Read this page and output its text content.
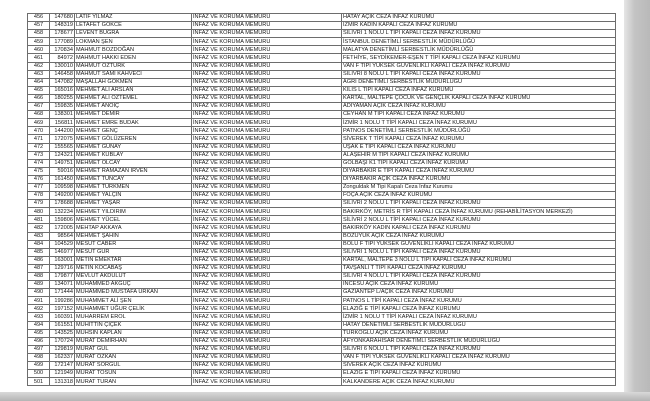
456	147680	LATİF YILMAZ	İNFAZ VE KORUMA MEMURU	HATAY AÇIK CEZA İNFAZ KURUMU
457	148319	LETAFET GÖKCE	İNFAZ VE KORUMA MEMURU	İZMİR KADIN KAPALI CEZA İNFAZ KURUMU
458	178677	LEVENT BUĞRA	İNFAZ VE KORUMA MEMURU	SİLİVRİ 1 NOLU L TİPİ KAPALI CEZA İNFAZ KURUMU
459	177089	LOKMAN ŞEN	İNFAZ VE KORUMA MEMURU	İSTANBUL DENETİMLİ SERBESTLİK MÜDÜRLÜĞÜ
460	170834	MAHMUT BOZDOĞAN	İNFAZ VE KORUMA MEMURU	MALATYA DENETİMLİ SERBESTLİK MÜDÜRLÜĞÜ
461	84972	MAHMUT HAKKI EDEN	İNFAZ VE KORUMA MEMURU	FETHİYE, SEYDİKEMER-EŞEN T TİPİ KAPALI CEZA İNFAZ KURUMU
462	130010	MAHMUT ÖZTÜRK	İNFAZ VE KORUMA MEMURU	VAN F TİPİ YÜKSEK GÜVENLİKLİ KAPALI CEZA İNFAZ KURUMU
463	146458	MAHMUT SAMİ KAHVECİ	İNFAZ VE KORUMA MEMURU	SİLİVRİ 8 NOLU L TİPİ KAPALI CEZA İNFAZ KURUMU
464	147082	MAŞALLAH GÖKMEN	İNFAZ VE KORUMA MEMURU	AĞRI DENETİMLİ SERBESTLİK MÜDÜRLÜĞÜ
465	165016	MEHMET ALİ ARSLAN	İNFAZ VE KORUMA MEMURU	KİLİS L TİPİ KAPALI CEZA İNFAZ KURUMU
466	180255	MEHMET ALİ ÖZTEMEL	İNFAZ VE KORUMA MEMURU	KARTAL, MALTEPE ÇOCUK VE GENÇLİK KAPALI CEZA İNFAZ KURUMU
467	159835	MEHMET ANOİÇ	İNFAZ VE KORUMA MEMURU	ADIYAMAN AÇIK CEZA İNFAZ KURUMU
468	138301	MEHMET DEMİR	İNFAZ VE KORUMA MEMURU	CEYHAN M TİPİ KAPALI CEZA İNFAZ KURUMU
469	156811	MEHMET EMRE BUDAK	İNFAZ VE KORUMA MEMURU	İZMİR 1 NOLU T TİPİ KAPALI CEZA İNFAZ KURUMU
470	144200	MEHMET GENÇ	İNFAZ VE KORUMA MEMURU	PATNOS DENETİMLİ SERBESTLİK MÜDÜRLÜĞÜ
471	172075	MEHMET GÖLÜZEREN	İNFAZ VE KORUMA MEMURU	SİVEREK T TİPİ KAPALI CEZA İNFAZ KURUMU
472	155565	MEHMET GÜNAY	İNFAZ VE KORUMA MEMURU	UŞAK E TİPİ KAPALI CEZA İNFAZ KURUMU
473	124321	MEHMET KUBLAY	İNFAZ VE KORUMA MEMURU	ALAŞEHİR M TİPİ KAPALI CEZA İNFAZ KURUMU
474	149751	MEHMET OLCAY	İNFAZ VE KORUMA MEMURU	GÖLBAŞI K1 TİPİ KAPALI CEZA İNFAZ KURUMU
475	59016	MEHMET RAMAZAN İRVEN	İNFAZ VE KORUMA MEMURU	DİYARBAKIR E TİPİ KAPALI CEZA İNFAZ KURUMU
476	161450	MEHMET TUNCAY	İNFAZ VE KORUMA MEMURU	DİYARBAKIR AÇIK CEZA İNFAZ KURUMU
477	109598	MEHMET TÜRKMEN	İNFAZ VE KORUMA MEMURU	Zonguldak M Tipi Kapalı Ceza İnfaz Kurumu
478	149200	MEHMET YALÇIN	İNFAZ VE KORUMA MEMURU	FOÇA AÇIK CEZA İNFAZ KURUMU
479	178688	MEHMET YAŞAR	İNFAZ VE KORUMA MEMURU	SİLİVRİ 2 NOLU L TİPİ KAPALI CEZA İNFAZ KURUMU
480	132234	MEHMET YILDIRIM	İNFAZ VE KORUMA MEMURU	BAKIRKÖY, METRİS R TİPİ KAPALI CEZA İNFAZ KURUMU (REHABİLİTASYON MERKEZİ)
481	159806	MEHMET YÜCEL	İNFAZ VE KORUMA MEMURU	SİLİVRİ 2 NOLU L TİPİ KAPALI CEZA İNFAZ KURUMU
482	172005	MEHTAP AKKAYA	İNFAZ VE KORUMA MEMURU	BAKIRKÖY KADIN KAPALI CEZA İNFAZ KURUMU
483	98564	MEHMET ŞAHİN	İNFAZ VE KORUMA MEMURU	BOZÜYÜK AÇIK CEZA İNFAZ KURUMU
484	104529	MESUT CABER	İNFAZ VE KORUMA MEMURU	BOLU F TİPİ YÜKSEK GÜVENLİKLİ KAPALI CEZA İNFAZ KURUMU
485	146977	MESUT GÜR	İNFAZ VE KORUMA MEMURU	SİLİVRİ 1 NOLU L TİPİ KAPALI CEZA İNFAZ KURUMU
486	163001	METİN EMEKTAR	İNFAZ VE KORUMA MEMURU	KARTAL, MALTEPE 3 NOLU L TİPİ KAPALI CEZA İNFAZ KURUMU
487	129716	METİN KOCABAŞ	İNFAZ VE KORUMA MEMURU	TAVŞANLI T TİPİ KAPALI CEZA İNFAZ KURUMU
488	179877	MEVLÜT AKDULUT	İNFAZ VE KORUMA MEMURU	SİLİVRİ 4 NOLU L TİPİ KAPALI CEZA İNFAZ KURUMU
489	134071	MUHAMMED AKGÜÇ	İNFAZ VE KORUMA MEMURU	İNCESU AÇIK CEZA İNFAZ KURUMU
490	171444	MUHAMMED MUSTAFA URKAN	İNFAZ VE KORUMA MEMURU	GAZİANTEP L/AÇIK CEZA İNFAZ KURUMU
491	199286	MUHAMMET ALİ ŞEN	İNFAZ VE KORUMA MEMURU	PATNOS L TİPİ KAPALI CEZA İNFAZ KURUMU
492	197152	MUHAMMET UĞUR ÇELİK	İNFAZ VE KORUMA MEMURU	ELAZIĞ E TİPİ KAPALI CEZA İNFAZ KURUMU
493	160391	MUHARREM EROL	İNFAZ VE KORUMA MEMURU	İZMİR 1 NOLU T TİPİ KAPALI CEZA İNFAZ KURUMU
494	161551	MUHİTTİN ÇİÇEK	İNFAZ VE KORUMA MEMURU	HATAY DENETİMLİ SERBESTLİK MÜDÜRLÜĞÜ
495	143525	MUHSİN KAPLAN	İNFAZ VE KORUMA MEMURU	TÜRKOĞLU AÇIK CEZA İNFAZ KURUMU
496	170724	MURAT DEMİRHAN	İNFAZ VE KORUMA MEMURU	AFYONKARAHİSAR DENETİMLİ SERBESTLİK MÜDÜRLÜĞÜ
497	129819	MURAT GÜL	İNFAZ VE KORUMA MEMURU	SİLİVRİ 6 NOLU L TİPİ KAPALI CEZA İNFAZ KURUMU
498	162337	MURAT ÖZKAN	İNFAZ VE KORUMA MEMURU	VAN F TİPİ YÜKSEK GÜVENLİKLİ KAPALI CEZA İNFAZ KURUMU
499	172147	MURAT SORGUL	İNFAZ VE KORUMA MEMURU	SİVEREK AÇIK CEZA İNFAZ KURUMU
500	121949	MURAT TOSUN	İNFAZ VE KORUMA MEMURU	ELAZIĞ E TİPİ KAPALI CEZA İNFAZ KURUMU
501	131318	MURAT TURAN	İNFAZ VE KORUMA MEMURU	KALKANDERE AÇIK CEZA İNFAZ KURUMU
